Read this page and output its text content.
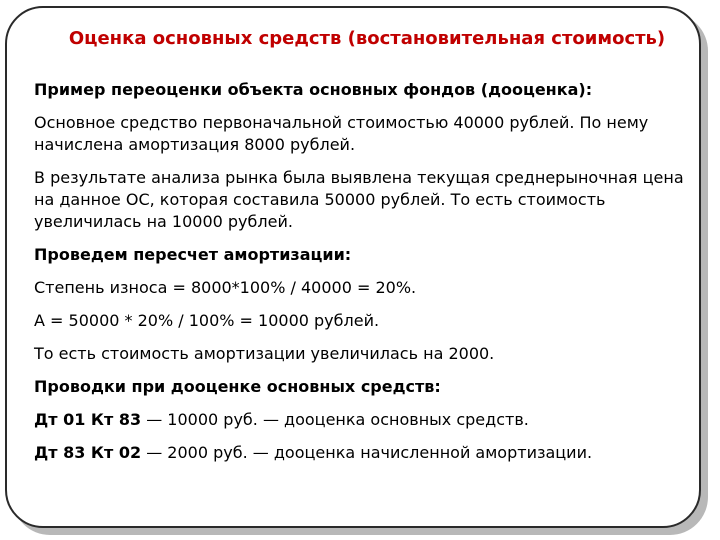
Оценка основных средств (востановительная стоимость)

Пример переоценки объекта основных фондов (дооценка):

Основное средство первоначальной стоимостью 40000 рублей. По нему начислена амортизация 8000 рублей.

В результате анализа рынка была выявлена текущая среднерыночная цена на данное ОС, которая составила 50000 рублей. То есть стоимость увеличилась на 10000 рублей.

Проведем пересчет амортизации:

Степень износа = 8000*100% / 40000 = 20%.

А = 50000 * 20% / 100% = 10000 рублей.

То есть стоимость амортизации увеличилась на 2000.

Проводки при дооценке основных средств:

Дт 01 Кт 83 — 10000 руб. — дооценка основных средств.

Дт 83 Кт 02 — 2000 руб. — дооценка начисленной амортизации.
